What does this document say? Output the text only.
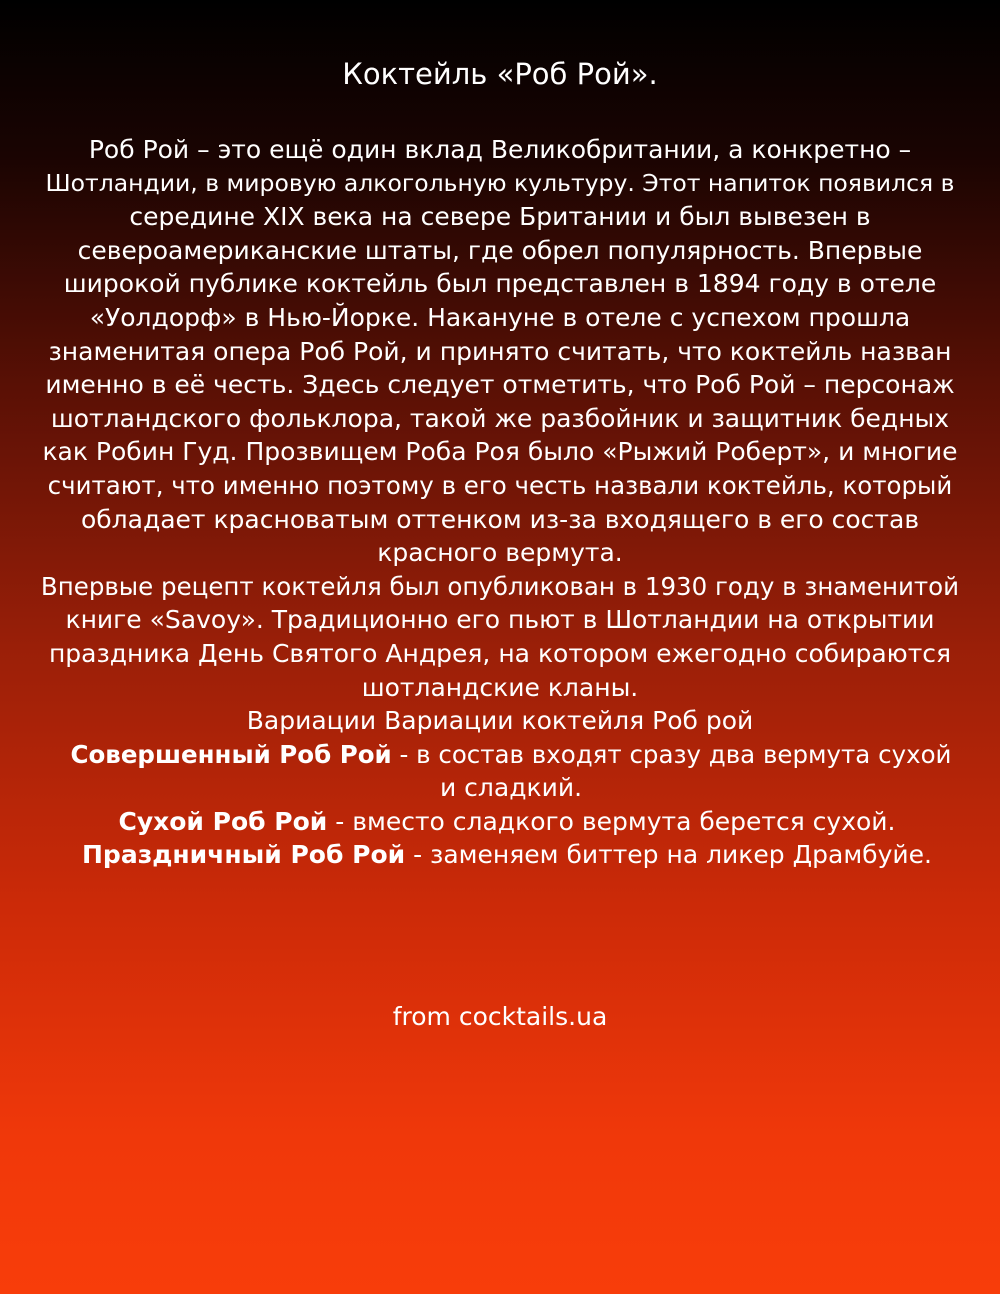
Коктейль «Роб Рой».
Роб Рой – это ещё один вклад Великобритании, а конкретно –
Шотландии, в мировую алкогольную культуру. Этот напиток появился в
середине XIX века на севере Британии и был вывезен в
североамериканские штаты, где обрел популярность. Впервые
широкой публике коктейль был представлен в 1894 году в отеле
«Уолдорф» в Нью-Йорке. Накануне в отеле с успехом прошла
знаменитая опера Роб Рой, и принято считать, что коктейль назван
именно в её честь. Здесь следует отметить, что Роб Рой – персонаж
шотландского фольклора, такой же разбойник и защитник бедных
как Робин Гуд. Прозвищем Роба Роя было «Рыжий Роберт», и многие
считают, что именно поэтому в его честь назвали коктейль, который
обладает красноватым оттенком из-за входящего в его состав
красного вермута.
Впервые рецепт коктейля был опубликован в 1930 году в знаменитой
книге «Savoy». Традиционно его пьют в Шотландии на открытии
праздника День Святого Андрея, на котором ежегодно собираются
шотландские кланы.
Вариации Вариации коктейля Роб рой
Совершенный Роб Рой - в состав входят сразу два вермута сухой
и сладкий.
Сухой Роб Рой - вместо сладкого вермута берется сухой.
Праздничный Роб Рой - заменяем биттер на ликер Драмбуйе.
from cocktails.ua
